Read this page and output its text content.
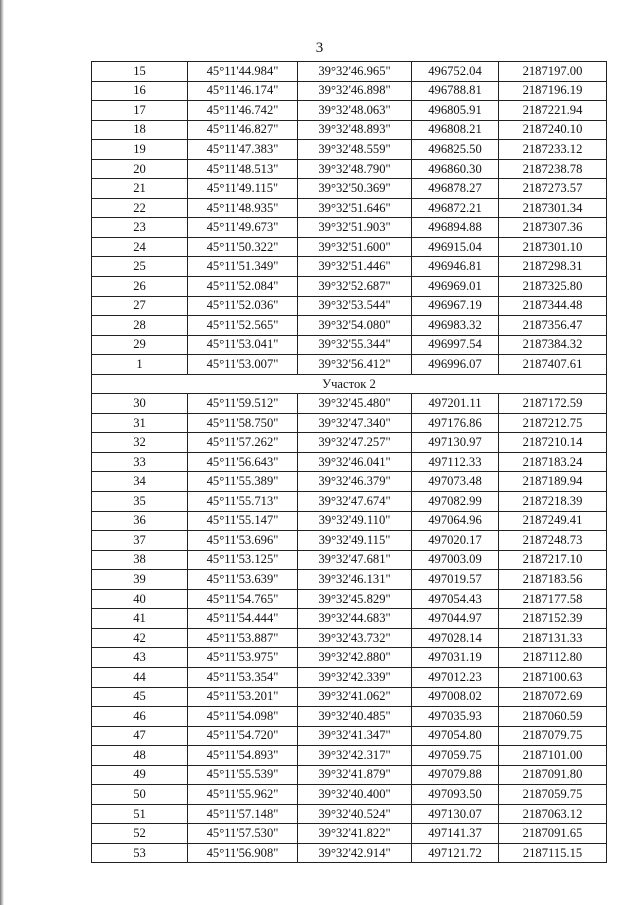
3
15	45°11'44.984"	39°32'46.965"	496752.04	2187197.00
16	45°11'46.174"	39°32'46.898"	496788.81	2187196.19
17	45°11'46.742"	39°32'48.063"	496805.91	2187221.94
18	45°11'46.827"	39°32'48.893"	496808.21	2187240.10
19	45°11'47.383"	39°32'48.559"	496825.50	2187233.12
20	45°11'48.513"	39°32'48.790"	496860.30	2187238.78
21	45°11'49.115"	39°32'50.369"	496878.27	2187273.57
22	45°11'48.935"	39°32'51.646"	496872.21	2187301.34
23	45°11'49.673"	39°32'51.903"	496894.88	2187307.36
24	45°11'50.322"	39°32'51.600"	496915.04	2187301.10
25	45°11'51.349"	39°32'51.446"	496946.81	2187298.31
26	45°11'52.084"	39°32'52.687"	496969.01	2187325.80
27	45°11'52.036"	39°32'53.544"	496967.19	2187344.48
28	45°11'52.565"	39°32'54.080"	496983.32	2187356.47
29	45°11'53.041"	39°32'55.344"	496997.54	2187384.32
1	45°11'53.007"	39°32'56.412"	496996.07	2187407.61
Участок 2				
30	45°11'59.512"	39°32'45.480"	497201.11	2187172.59
31	45°11'58.750"	39°32'47.340"	497176.86	2187212.75
32	45°11'57.262"	39°32'47.257"	497130.97	2187210.14
33	45°11'56.643"	39°32'46.041"	497112.33	2187183.24
34	45°11'55.389"	39°32'46.379"	497073.48	2187189.94
35	45°11'55.713"	39°32'47.674"	497082.99	2187218.39
36	45°11'55.147"	39°32'49.110"	497064.96	2187249.41
37	45°11'53.696"	39°32'49.115"	497020.17	2187248.73
38	45°11'53.125"	39°32'47.681"	497003.09	2187217.10
39	45°11'53.639"	39°32'46.131"	497019.57	2187183.56
40	45°11'54.765"	39°32'45.829"	497054.43	2187177.58
41	45°11'54.444"	39°32'44.683"	497044.97	2187152.39
42	45°11'53.887"	39°32'43.732"	497028.14	2187131.33
43	45°11'53.975"	39°32'42.880"	497031.19	2187112.80
44	45°11'53.354"	39°32'42.339"	497012.23	2187100.63
45	45°11'53.201"	39°32'41.062"	497008.02	2187072.69
46	45°11'54.098"	39°32'40.485"	497035.93	2187060.59
47	45°11'54.720"	39°32'41.347"	497054.80	2187079.75
48	45°11'54.893"	39°32'42.317"	497059.75	2187101.00
49	45°11'55.539"	39°32'41.879"	497079.88	2187091.80
50	45°11'55.962"	39°32'40.400"	497093.50	2187059.75
51	45°11'57.148"	39°32'40.524"	497130.07	2187063.12
52	45°11'57.530"	39°32'41.822"	497141.37	2187091.65
53	45°11'56.908"	39°32'42.914"	497121.72	2187115.15
